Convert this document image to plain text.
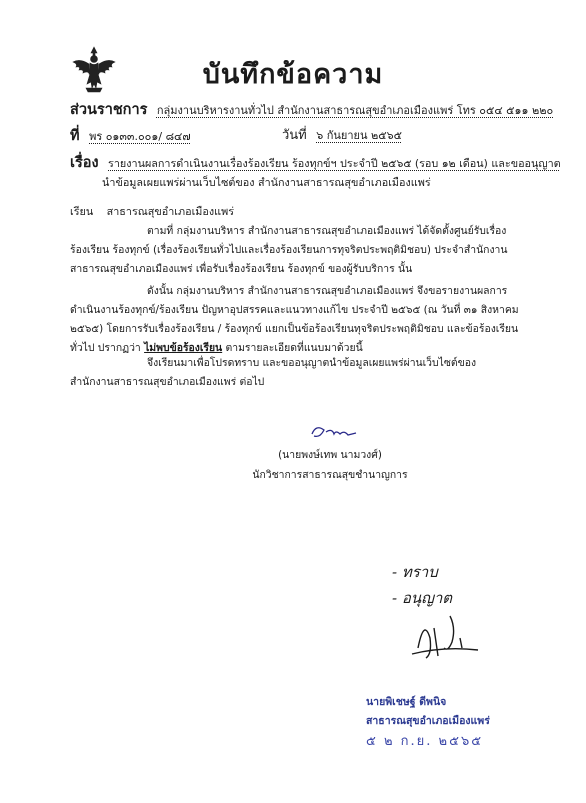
บันทึกข้อความ
ส่วนราชการ กลุ่มงานบริหารงานทั่วไป สำนักงานสาธารณสุขอำเภอเมืองแพร่ โทร ๐๕๔ ๕๑๑ ๒๒๐
ที่ พร ๐๑๓๓.๐๐๑/ ๘๔๗	วันที่ ๖ กันยายน ๒๕๖๕
เรื่อง รายงานผลการดำเนินงานเรื่องร้องเรียน ร้องทุกข์ฯ ประจำปี ๒๕๖๕ (รอบ ๑๒ เดือน) และขออนุญาต
นำข้อมูลเผยแพร่ผ่านเว็บไซต์ของ สำนักงานสาธารณสุขอำเภอเมืองแพร่
เรียน สาธารณสุขอำเภอเมืองแพร่
ตามที่ กลุ่มงานบริหาร สำนักงานสาธารณสุขอำเภอเมืองแพร่ ได้จัดตั้งศูนย์รับเรื่องร้องเรียน ร้องทุกข์ (เรื่องร้องเรียนทั่วไปและเรื่องร้องเรียนการทุจริตประพฤติมิชอบ) ประจำสำนักงานสาธารณสุขอำเภอเมืองแพร่ เพื่อรับเรื่องร้องเรียน ร้องทุกข์ ของผู้รับบริการ นั้น
ดังนั้น กลุ่มงานบริหาร สำนักงานสาธารณสุขอำเภอเมืองแพร่ จึงขอรายงานผลการดำเนินงานร้องทุกข์/ร้องเรียน ปัญหาอุปสรรคและแนวทางแก้ไข ประจำปี ๒๕๖๕ (ณ วันที่ ๓๑ สิงหาคม ๒๕๖๕) โดยการรับเรื่องร้องเรียน / ร้องทุกข์ แยกเป็นข้อร้องเรียนทุจริตประพฤติมิชอบ และข้อร้องเรียนทั่วไป ปรากฏว่า ไม่พบข้อร้องเรียน ตามรายละเอียดที่แนบมาด้วยนี้
จึงเรียนมาเพื่อโปรดทราบ และขออนุญาตนำข้อมูลเผยแพร่ผ่านเว็บไซต์ของ สำนักงานสาธารณสุขอำเภอเมืองแพร่ ต่อไป
(นายพงษ์เทพ นามวงศ์)
นักวิชาการสาธารณสุขชำนาญการ
- ทราบ
- อนุญาต
นายพิเชษฐ์ ดีพนิจ
สาธารณสุขอำเภอเมืองแพร่
๕ ๒ ก.ย. ๒๕๖๕
